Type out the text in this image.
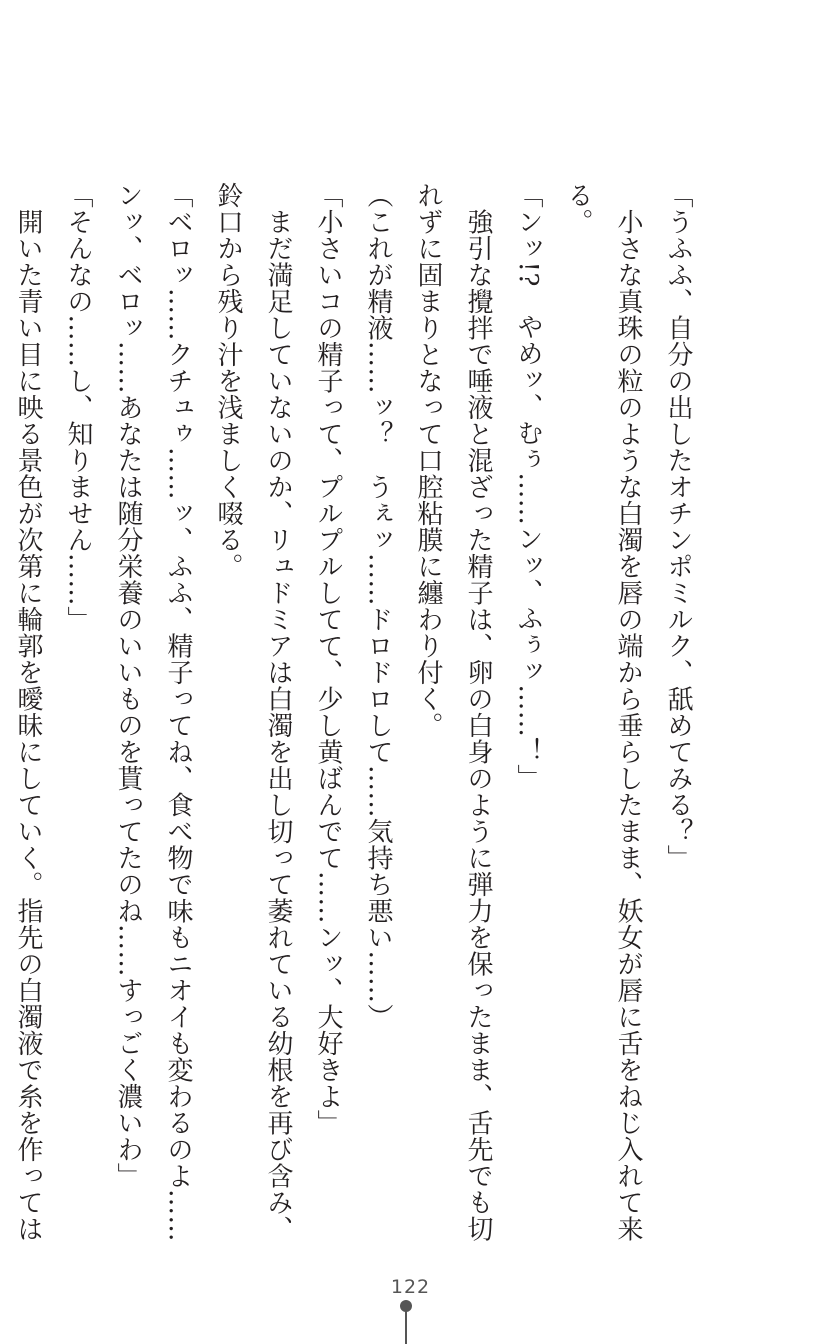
「うふふ、自分の出したオチンポミルク、舐めてみる？」
　小さな真珠の粒のような白濁を唇の端から垂らしたまま、妖女が唇に舌をねじ入れて来
る。
「ンッ!?　やめッ、むぅ……ンッ、ふぅッ……！」
　強引な攪拌で唾液と混ざった精子は、卵の白身のように弾力を保ったまま、舌先でも切
れずに固まりとなって口腔粘膜に纏わり付く。
（これが精液……ッ？　うぇッ……ドロドロして……気持ち悪い……）
「小さいコの精子って、プルプルしてて、少し黄ばんでて……ンッ、大好きよ」
　まだ満足していないのか、リュドミアは白濁を出し切って萎れている幼根を再び含み、
鈴口から残り汁を浅ましく啜る。
「ベロッ……クチュゥ……ッ、ふふ、精子ってね、食べ物で味もニオイも変わるのよ……
ンッ、ベロッ……あなたは随分栄養のいいものを貰ってたのね……すっごく濃いわ」
「そんなの……し、知りません……」
　開いた青い目に映る景色が次第に輪郭を曖昧にしていく。指先の白濁液で糸を作っては
122
